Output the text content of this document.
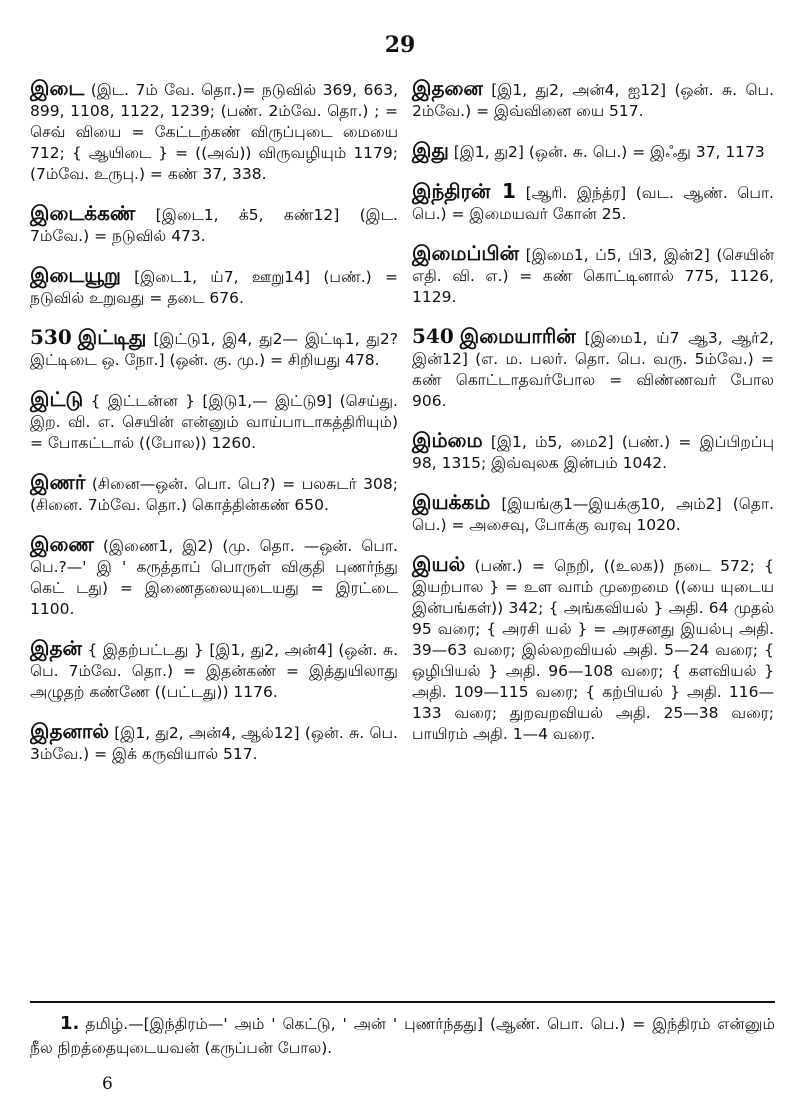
29

இடை (இட. 7ம் வே. தொ.)= நடுவில் 369, 663, 899, 1108, 1122, 1239; (பண். 2ம்வே. தொ.) ; = செவ் வியை = கேட்டற்கண் விருப்புடை மையை 712; { ஆயிடை } = ((அவ்)) விருவழியும் 1179; (7ம்வே. உருபு.) = கண் 37, 338.

இடைக்கண் [இடை1, க்5, கண்12] (இட. 7ம்வே.) = நடுவில் 473.

இடையூறு [இடை1, ய்7, ஊறு14] (பண்.) = நடுவில் உறுவது = தடை 676.

530 இட்டிது [இட்டு1, இ4, து2— இட்டி1, து2? இட்டிடை ஒ. நோ.] (ஒன். கு. மு.) = சிறியது 478.

இட்டு { இட்டன்ன } [இடு1,— இட்டு9] (செய்து. இற. வி. எ. செயின் என்னும் வாய்பாடாகத்திரியும்) = போகட்டால் ((போல)) 1260.

இணர் (சினை—ஒன். பொ. பெ?) = பலசுடர் 308; (சினை. 7ம்வே. தொ.) கொத்தின்கண் 650.

இணை (இணை1, இ2) (மு. தொ. —ஒன். பொ. பெ.?—' இ ' கருத்தாப் பொருள் விகுதி புணர்ந்து கெட் டது) = இணைதலையுடையது = இரட்டை 1100.

இதன் { இதற்பட்டது } [இ1, து2, அன்4] (ஒன். சு. பெ. 7ம்வே. தொ.) = இதன்கண் = இத்துயிலாது அழுதற் கண்ணே ((பட்டது)) 1176.

இதனால் [இ1, து2, அன்4, ஆல்12] (ஒன். சு. பெ. 3ம்வே.) = இக் கருவியால் 517.

இதனை [இ1, து2, அன்4, ஐ12] (ஒன். சு. பெ. 2ம்வே.) = இவ்வினை யை 517.

இது [இ1, து2] (ஒன். சு. பெ.) = இஃது 37, 1173

இந்திரன் 1 [ஆரி. இந்த்ர] (வட. ஆண். பொ. பெ.) = இமையவர் கோன் 25.

இமைப்பின் [இமை1, ப்5, பி3, இன்2] (செயின் எதி. வி. எ.) = கண் கொட்டினால் 775, 1126, 1129.

540 இமையாரின் [இமை1, ய்7 ஆ3, ஆர்2, இன்12] (எ. ம. பலர். தொ. பெ. வரு. 5ம்வே.) = கண் கொட்டாதவர்போல = விண்ணவர் போல 906.

இம்மை [இ1, ம்5, மை2] (பண்.) = இப்பிறப்பு 98, 1315; இவ்வுலக இன்பம் 1042.

இயக்கம் [இயங்கு1—இயக்கு10, அம்2] (தொ. பெ.) = அசைவு, போக்கு வரவு 1020.

இயல் (பண்.) = நெறி, ((உலக)) நடை 572; { இயற்பால } = உள வாம் முறைமை ((யை யுடைய இன்பங்கள்)) 342; { அங்கவியல் } அதி. 64 முதல் 95 வரை; { அரசி யல் } = அரசனது இயல்பு அதி. 39—63 வரை; இல்லறவியல் அதி. 5—24 வரை; { ஒழிபியல் } அதி. 96—108 வரை; { களவியல் } அதி. 109—115 வரை; { கற்பியல் } அதி. 116—133 வரை; துறவறவியல் அதி. 25—38 வரை; பாயிரம் அதி. 1—4 வரை.

1. தமிழ்.—[இந்திரம்—' அம் ' கெட்டு, ' அன் ' புணர்ந்தது] (ஆண். பொ. பெ.) = இந்திரம் என்னும் நீல நிறத்தையுடையவன் (கருப்பன் போல).
6
